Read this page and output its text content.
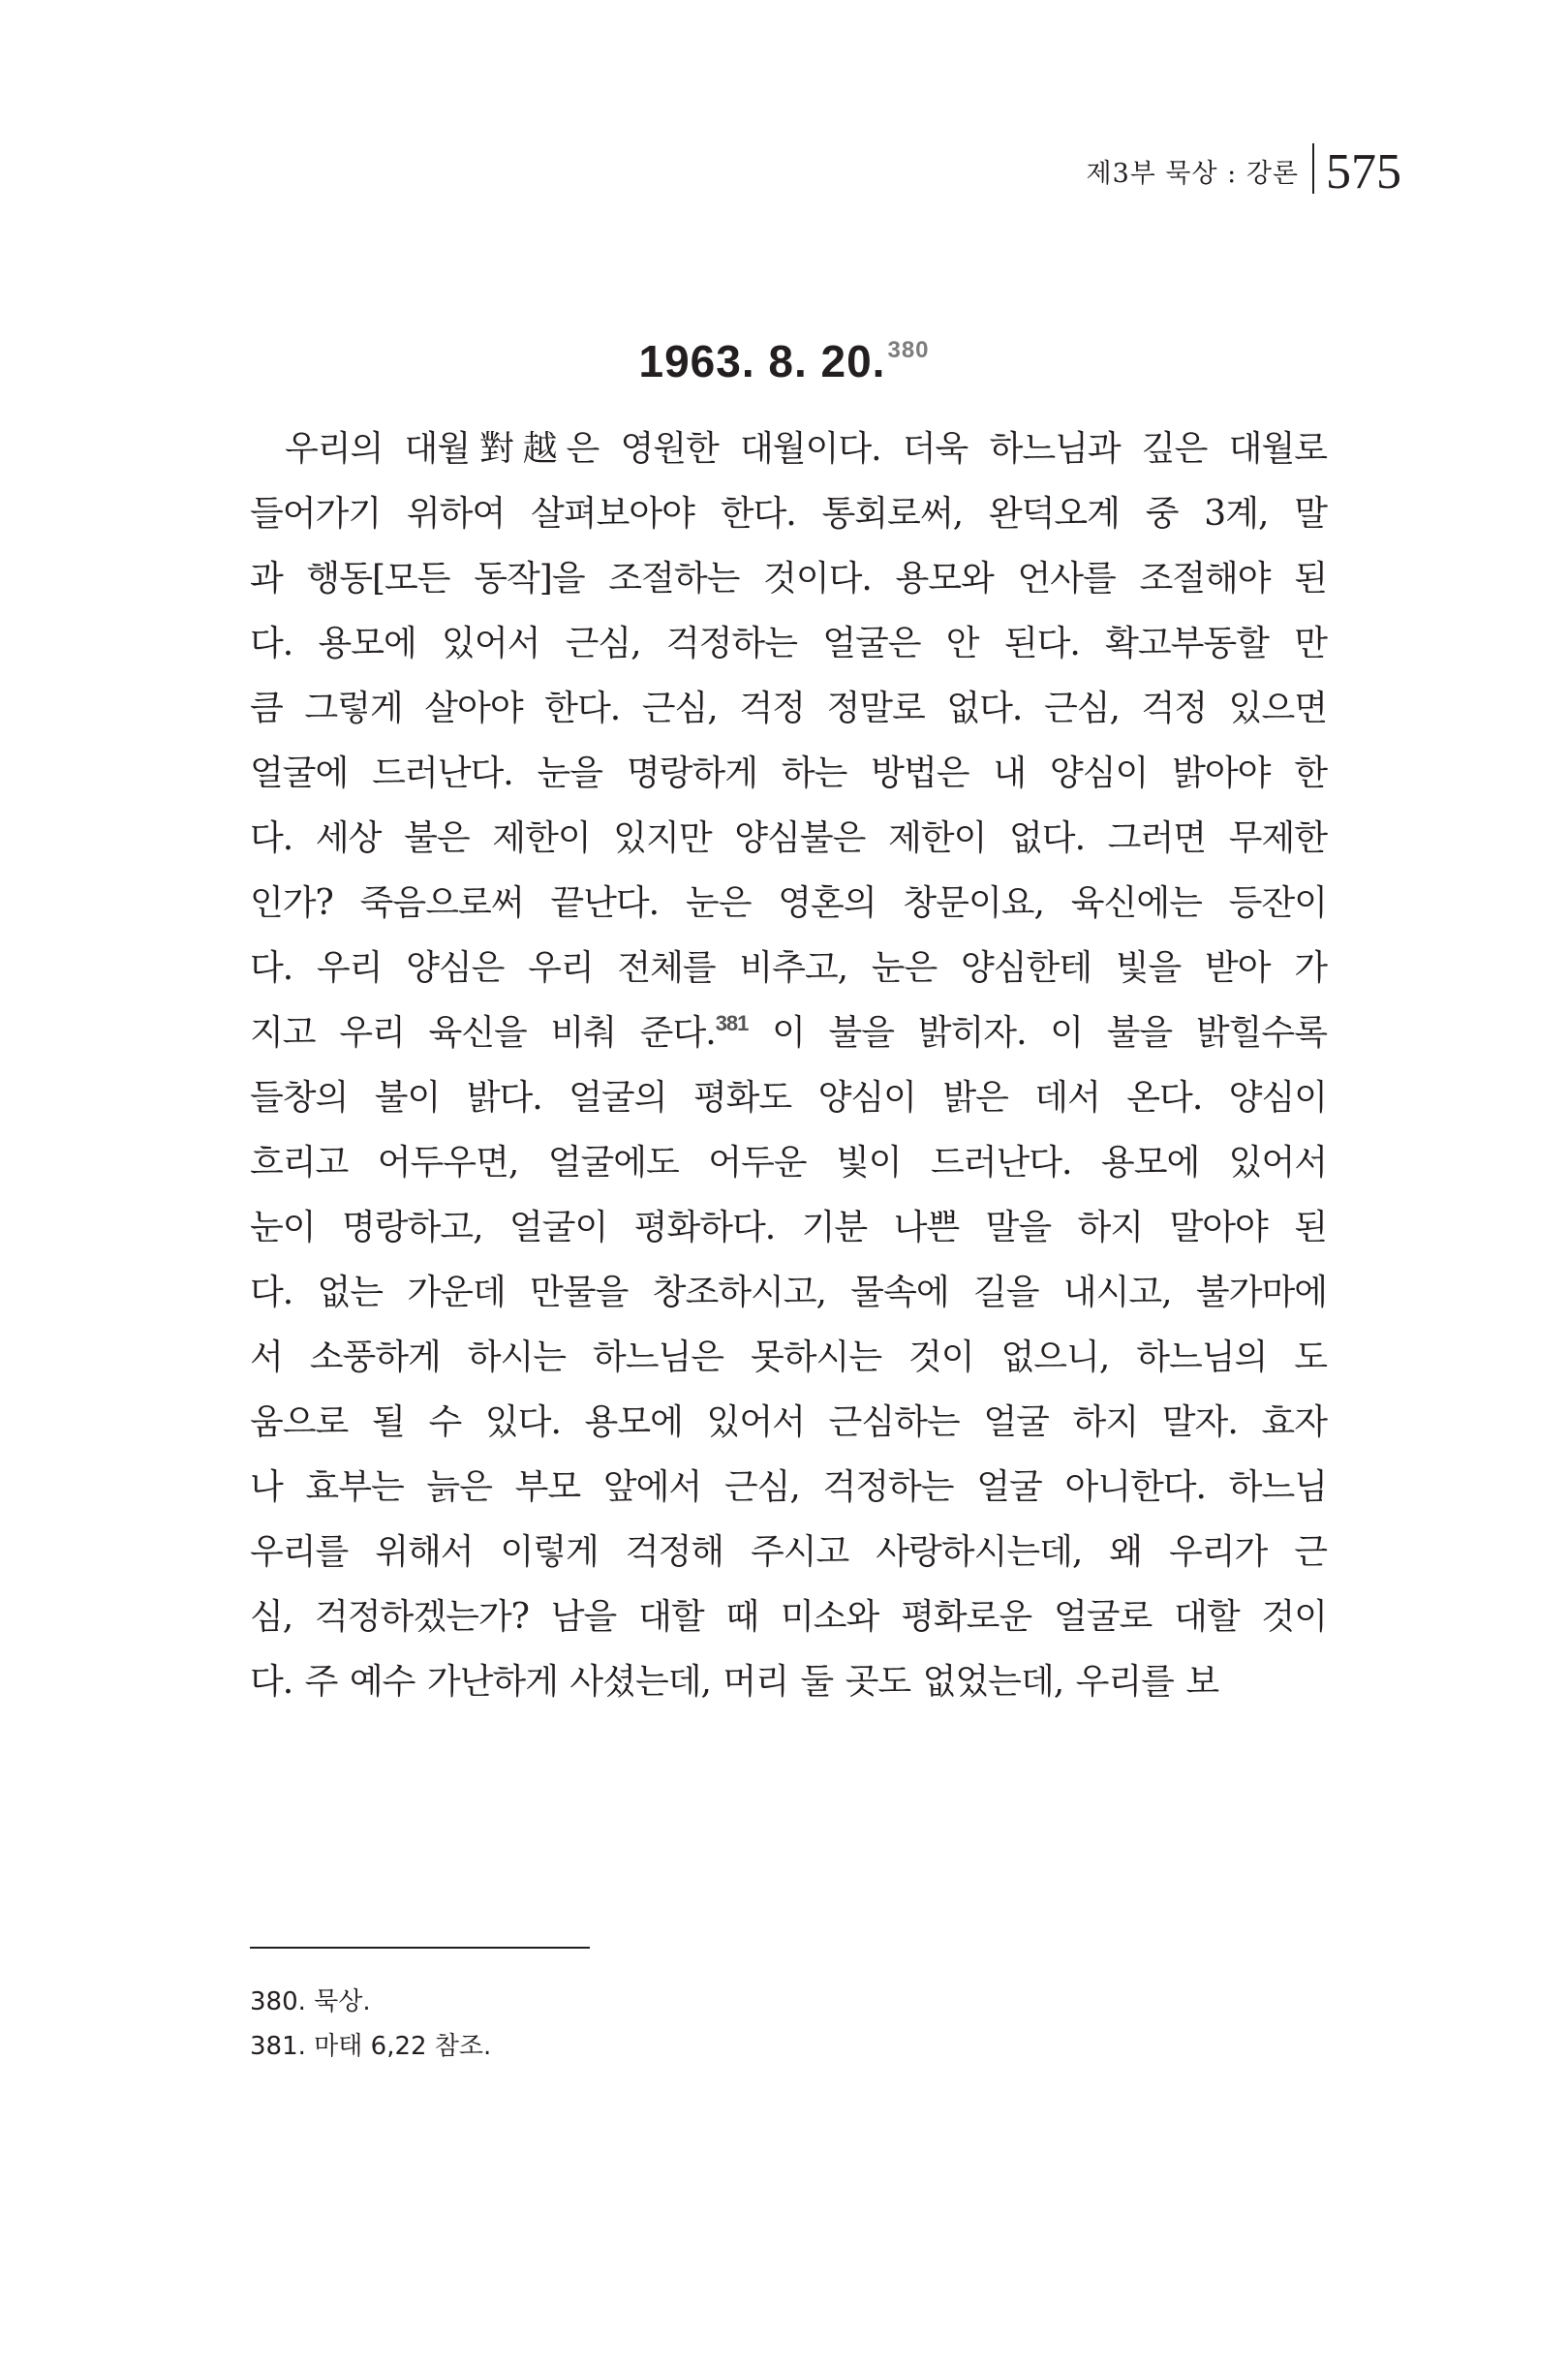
제3부 묵상 : 강론 575
1963. 8. 20.$^{380}$
우리의 대월對越은 영원한 대월이다. 더욱 하느님과 깊은 대월로
들어가기 위하여 살펴보아야 한다. 통회로써, 완덕오계 중 3계, 말
과 행동[모든 동작]을 조절하는 것이다. 용모와 언사를 조절해야 된
다. 용모에 있어서 근심, 걱정하는 얼굴은 안 된다. 확고부동할 만
큼 그렇게 살아야 한다. 근심, 걱정 정말로 없다. 근심, 걱정 있으면
얼굴에 드러난다. 눈을 명랑하게 하는 방법은 내 양심이 밝아야 한
다. 세상 불은 제한이 있지만 양심불은 제한이 없다. 그러면 무제한
인가? 죽음으로써 끝난다. 눈은 영혼의 창문이요, 육신에는 등잔이
다. 우리 양심은 우리 전체를 비추고, 눈은 양심한테 빛을 받아 가
지고 우리 육신을 비춰 준다.$^{381}$ 이 불을 밝히자. 이 불을 밝힐수록
들창의 불이 밝다. 얼굴의 평화도 양심이 밝은 데서 온다. 양심이
흐리고 어두우면, 얼굴에도 어두운 빛이 드러난다. 용모에 있어서
눈이 명랑하고, 얼굴이 평화하다. 기분 나쁜 말을 하지 말아야 된
다. 없는 가운데 만물을 창조하시고, 물속에 길을 내시고, 불가마에
서 소풍하게 하시는 하느님은 못하시는 것이 없으니, 하느님의 도
움으로 될 수 있다. 용모에 있어서 근심하는 얼굴 하지 말자. 효자
나 효부는 늙은 부모 앞에서 근심, 걱정하는 얼굴 아니한다. 하느님
우리를 위해서 이렇게 걱정해 주시고 사랑하시는데, 왜 우리가 근
심, 걱정하겠는가? 남을 대할 때 미소와 평화로운 얼굴로 대할 것이
다. 주 예수 가난하게 사셨는데, 머리 둘 곳도 없었는데, 우리를 보
380. 묵상.
381. 마태 6,22 참조.
